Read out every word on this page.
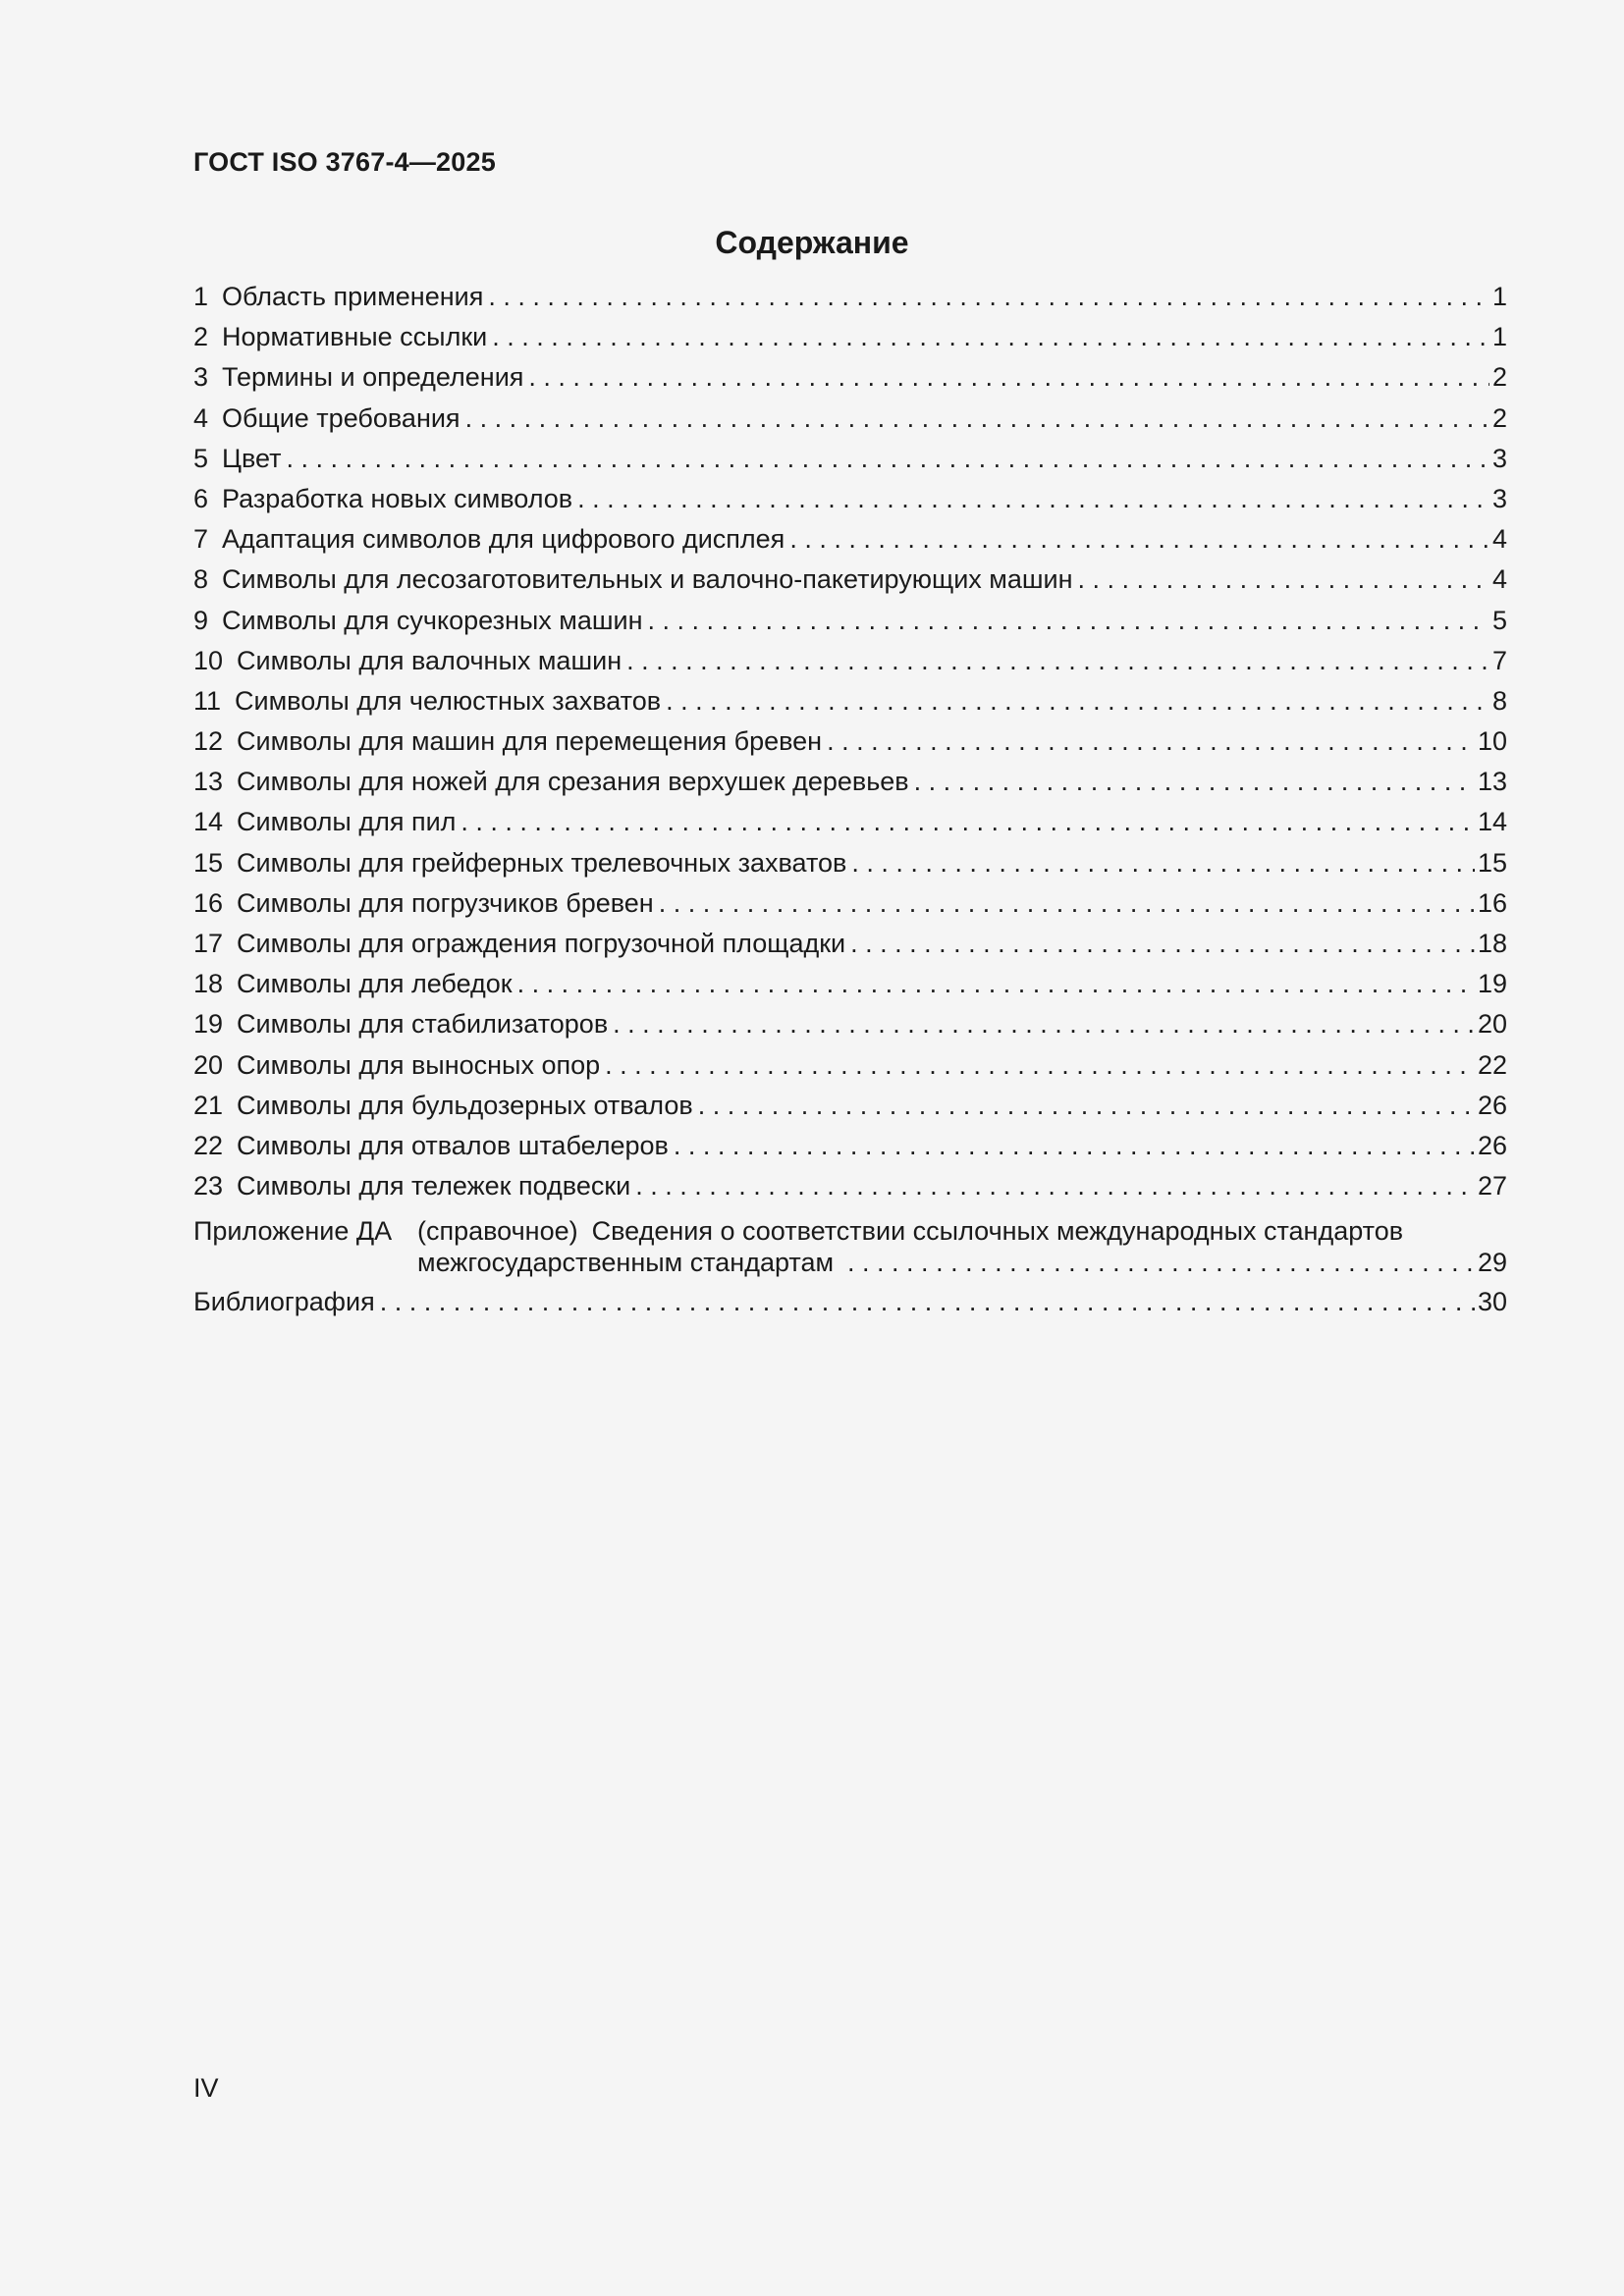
ГОСТ ISO 3767-4—2025
Содержание
1 Область применения . . .	1
2 Нормативные ссылки . . .	1
3 Термины и определения . . .	2
4 Общие требования . . .	2
5 Цвет . . .	3
6 Разработка новых символов . . .	3
7 Адаптация символов для цифрового дисплея . . .	4
8 Символы для лесозаготовительных и валочно-пакетирующих машин . . .	4
9 Символы для сучкорезных машин . . .	5
10 Символы для валочных машин . . .	7
11 Символы для челюстных захватов . . .	8
12 Символы для машин для перемещения бревен . . .	10
13 Символы для ножей для срезания верхушек деревьев . . .	13
14 Символы для пил . . .	14
15 Символы для грейферных трелевочных захватов . . .	15
16 Символы для погрузчиков бревен . . .	16
17 Символы для ограждения погрузочной площадки . . .	18
18 Символы для лебедок . . .	19
19 Символы для стабилизаторов . . .	20
20 Символы для выносных опор . . .	22
21 Символы для бульдозерных отвалов . . .	26
22 Символы для отвалов штабелеров . . .	26
23 Символы для тележек подвески . . .	27
Приложение ДА (справочное) Сведения о соответствии ссылочных международных стандартов
межгосударственным стандартам . . .	29
Библиография . . .	30
IV
